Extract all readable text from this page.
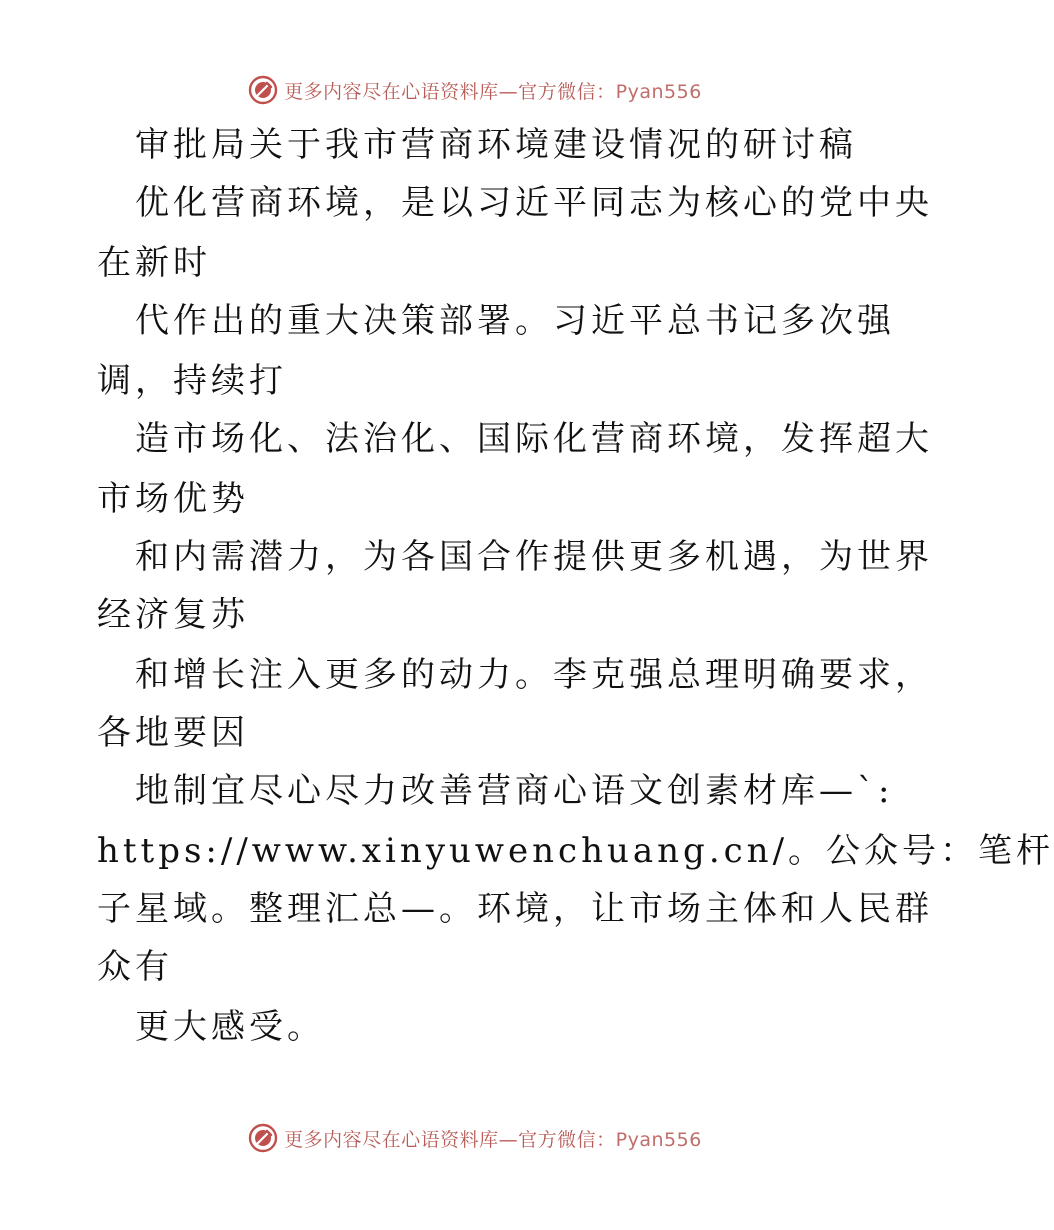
更多内容尽在心语资料库—官方微信：Pyan556
审批局关于我市营商环境建设情况的研讨稿
优化营商环境，是以习近平同志为核心的党中央
在新时
代作出的重大决策部署。习近平总书记多次强
调，持续打
造市场化、法治化、国际化营商环境，发挥超大
市场优势
和内需潜力，为各国合作提供更多机遇，为世界
经济复苏
和增长注入更多的动力。李克强总理明确要求，
各地要因
地制宜尽心尽力改善营商心语文创素材库—`:
https://www.xinyuwenchuang.cn/。公众号：笔杆
子星域。整理汇总—。环境，让市场主体和人民群
众有
更大感受。
更多内容尽在心语资料库—官方微信：Pyan556
